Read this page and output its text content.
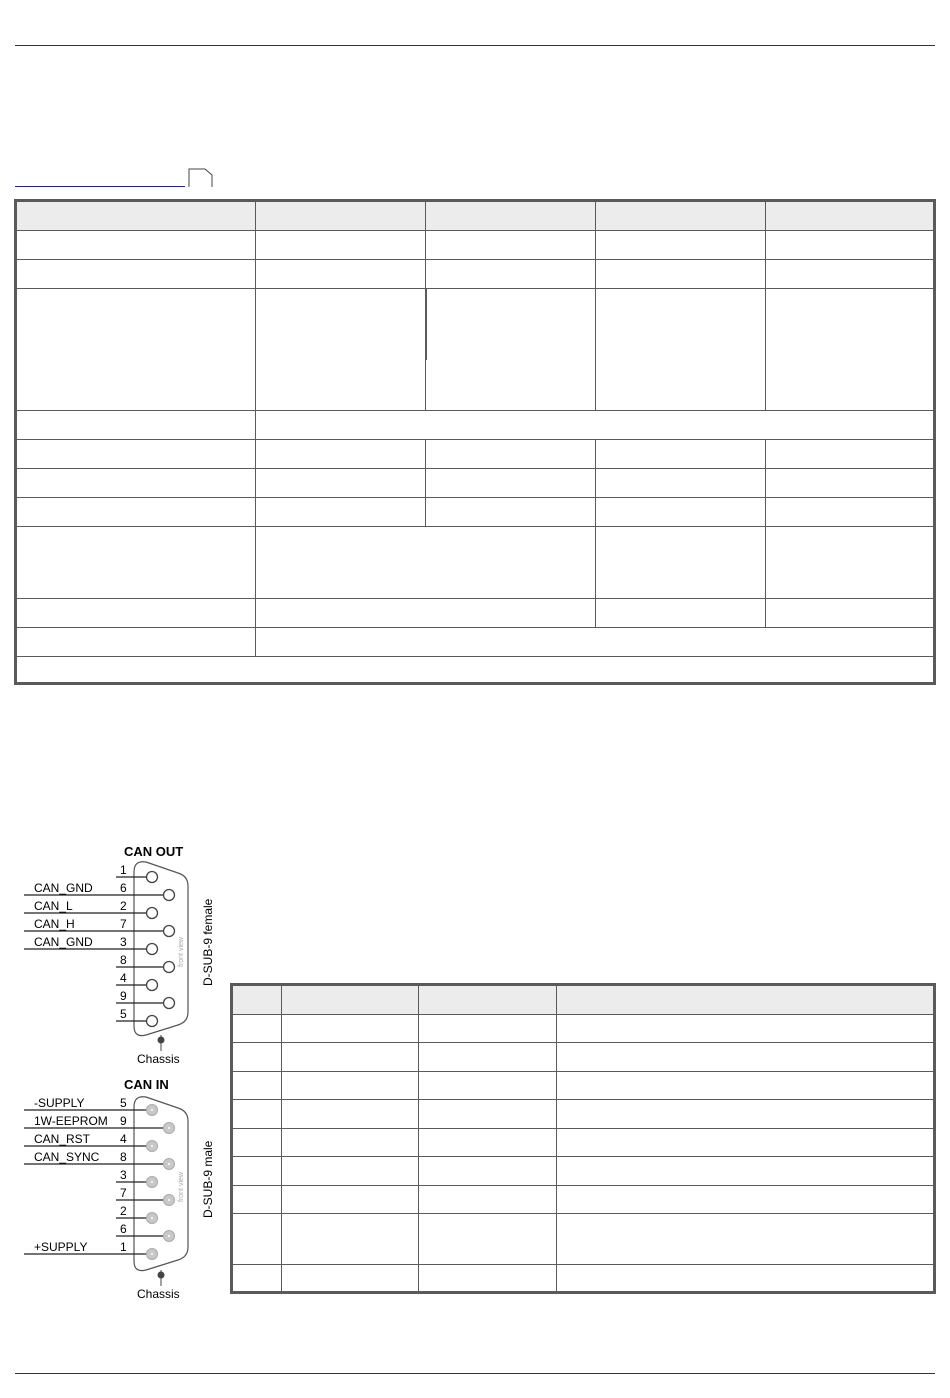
CAN OUT
1
6
CAN_GND
2
CAN_L
7
CAN_H
3
CAN_GND
8
4
9
5
front view D-SUB-9 female
Chassis
CAN IN
5
-SUPPLY
9
1W-EEPROM
4
CAN_RST
8
CAN_SYNC
3
7
2
6
1
+SUPPLY
front view D-SUB-9 male
Chassis
